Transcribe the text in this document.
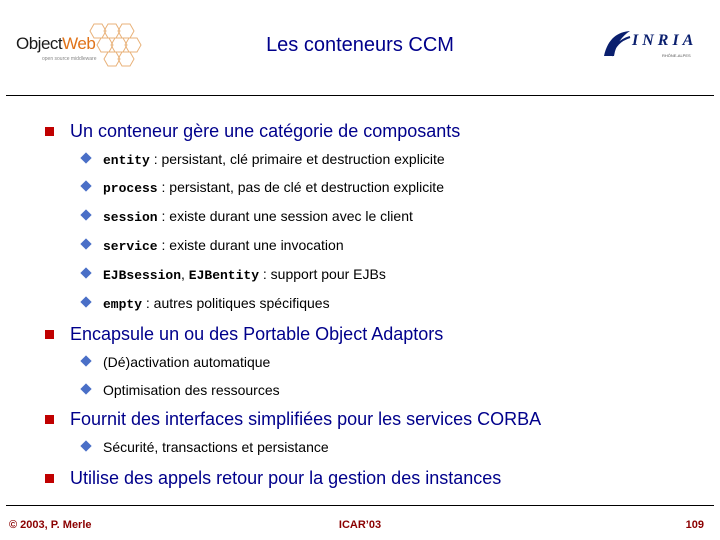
ObjectWeb
open source middleware
Les conteneurs CCM	INRIA
RHÔNE-ALPES
Un conteneur gère une catégorie de composants
entity : persistant, clé primaire et destruction explicite
process : persistant, pas de clé et destruction explicite
session : existe durant une session avec le client
service : existe durant une invocation
EJBsession, EJBentity : support pour EJBs
empty : autres politiques spécifiques
Encapsule un ou des Portable Object Adaptors
(Dé)activation automatique
Optimisation des ressources
Fournit des interfaces simplifiées pour les services CORBA
Sécurité, transactions et persistance
Utilise des appels retour pour la gestion des instances
© 2003, P. Merle	ICAR’03	109
